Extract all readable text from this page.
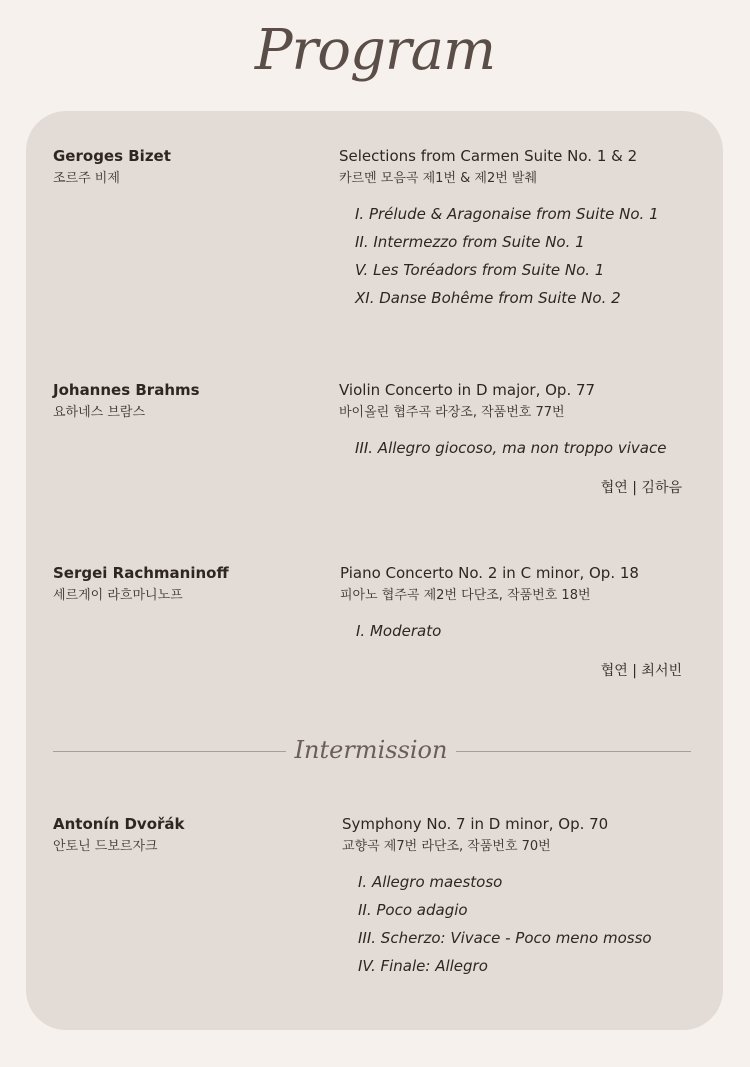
Program
Geroges Bizet
조르주 비제
Selections from Carmen Suite No. 1 & 2
카르멘 모음곡 제1번 & 제2번 발췌
I. Prélude & Aragonaise from Suite No. 1
II. Intermezzo from Suite No. 1
V. Les Toréadors from Suite No. 1
XI. Danse Bohême from Suite No. 2
Johannes Brahms
요하네스 브람스
Violin Concerto in D major, Op. 77
바이올린 협주곡 라장조, 작품번호 77번
III. Allegro giocoso, ma non troppo vivace
협연 | 김하음
Sergei Rachmaninoff
세르게이 라흐마니노프
Piano Concerto No. 2 in C minor, Op. 18
피아노 협주곡 제2번 다단조, 작품번호 18번
I. Moderato
협연 | 최서빈
Intermission
Antonín Dvořák
안토닌 드보르자크
Symphony No. 7 in D minor, Op. 70
교향곡 제7번 라단조, 작품번호 70번
I. Allegro maestoso
II. Poco adagio
III. Scherzo: Vivace - Poco meno mosso
IV. Finale: Allegro
